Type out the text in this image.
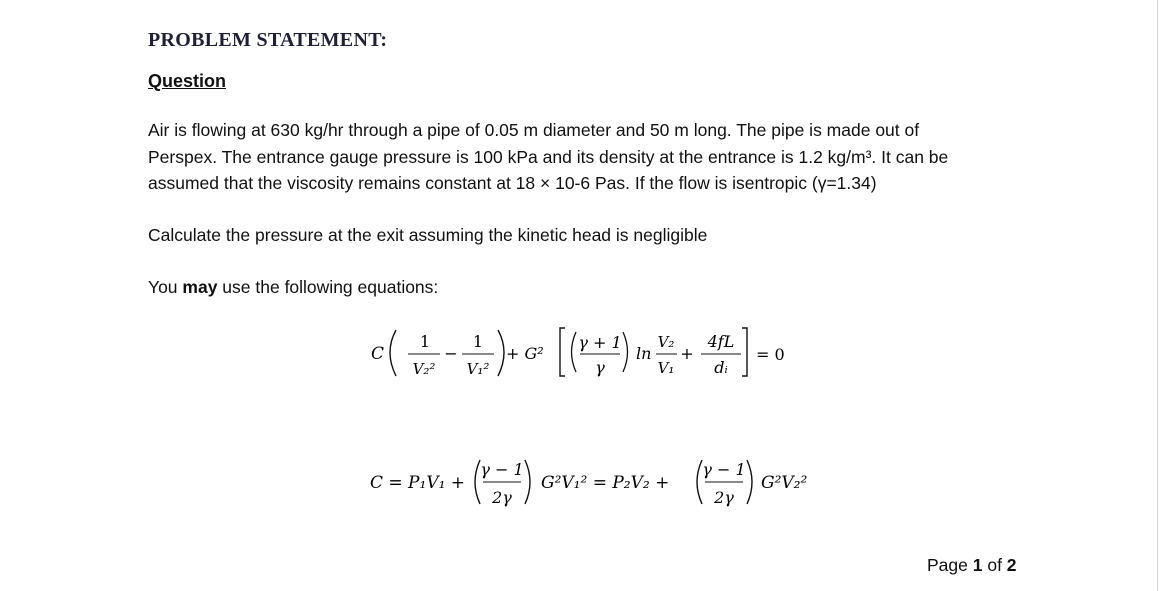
PROBLEM STATEMENT:
Question
Air is flowing at 630 kg/hr through a pipe of 0.05 m diameter and 50 m long. The pipe is made out of
Perspex. The entrance gauge pressure is 100 kPa and its density at the entrance is 1.2 kg/m³. It can be
assumed that the viscosity remains constant at 18 × 10-6 Pas. If the flow is isentropic (γ=1.34)
Calculate the pressure at the exit assuming the kinetic head is negligible
You may use the following equations:
C
1
V₂²
−
1
V₁²
+ G²
γ + 1
γ
ln
V₂
V₁
+
4fL
dᵢ
= 0
C = P₁V₁ +
γ − 1
2γ
G²V₁² = P₂V₂ +
γ − 1
2γ
G²V₂²
Page 1 of 2
